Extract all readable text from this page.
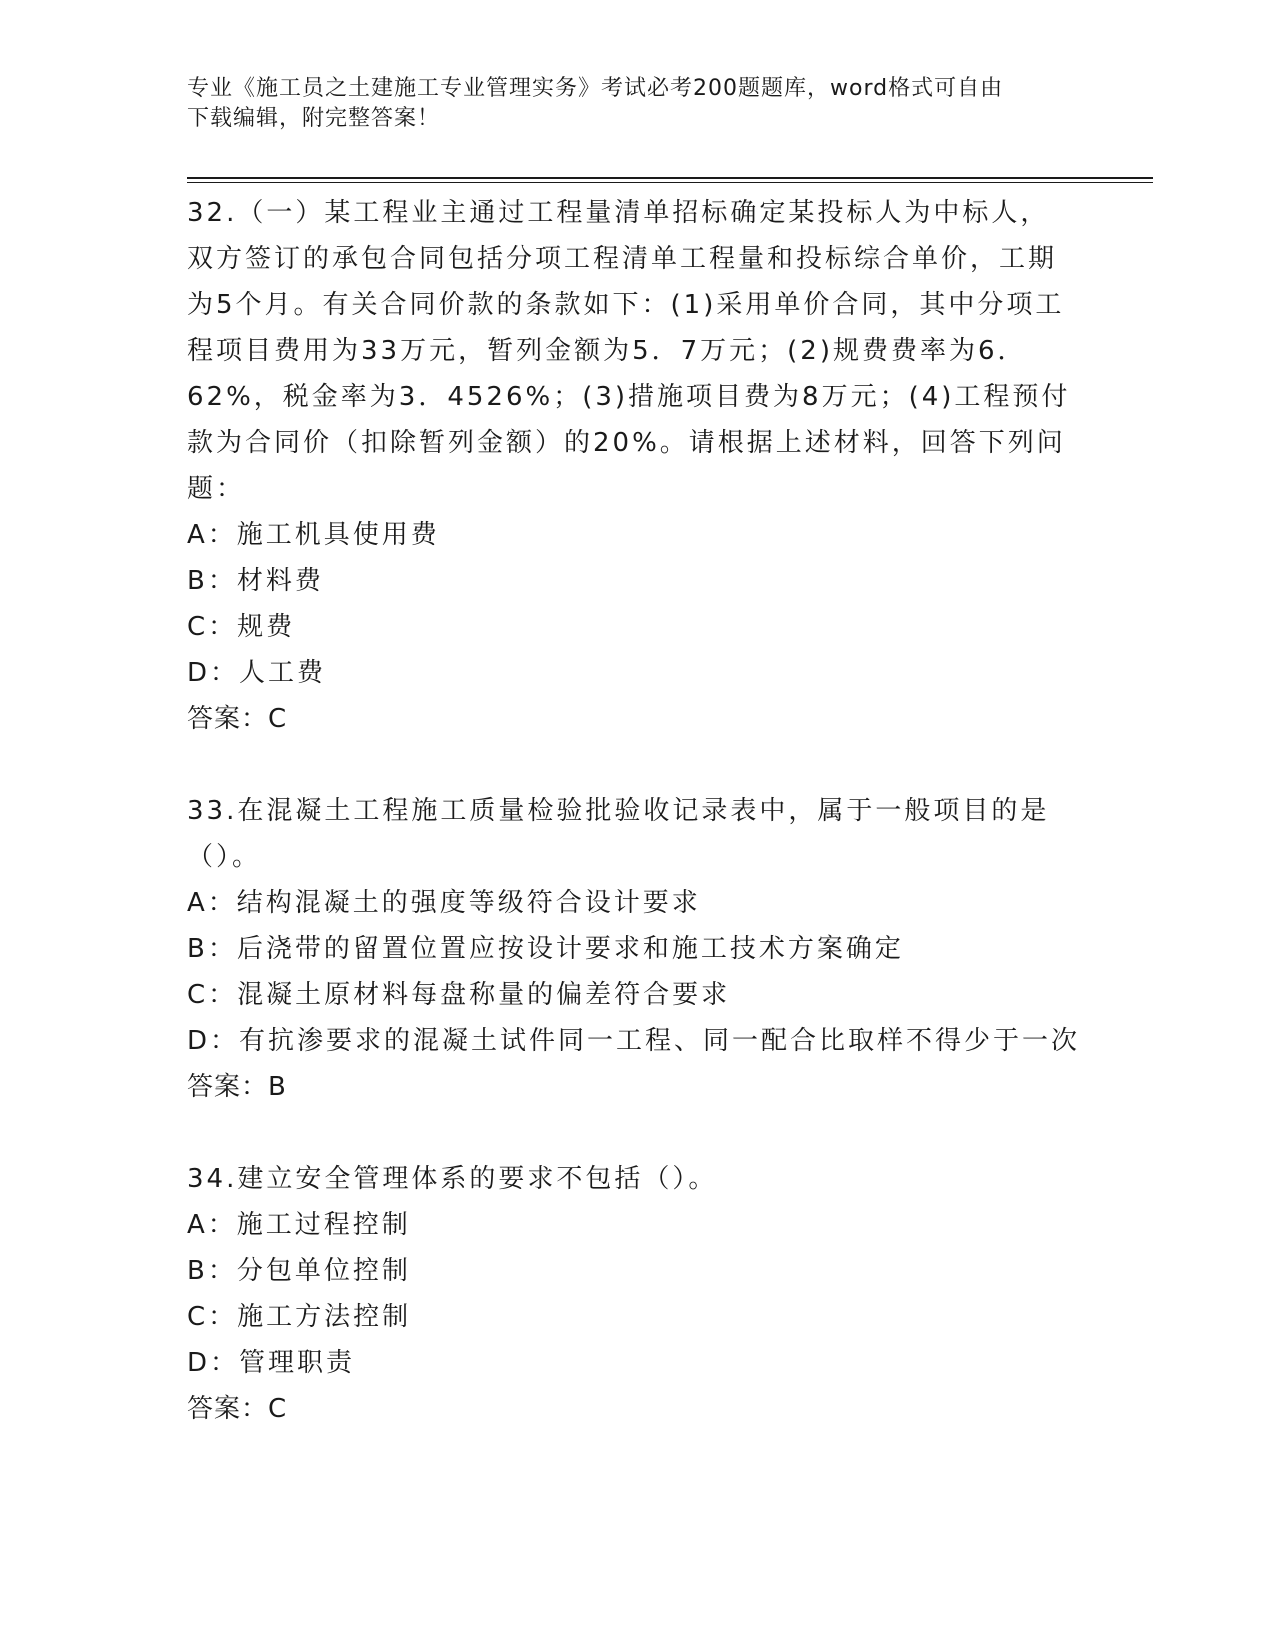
专业《施工员之土建施工专业管理实务》考试必考200题题库，word格式可自由
下载编辑，附完整答案！
32.（一）某工程业主通过工程量清单招标确定某投标人为中标人，双方签订的承包合同包括分项工程清单工程量和投标综合单价，工期为5个月。有关合同价款的条款如下：(1)采用单价合同，其中分项工程项目费用为33万元，暂列金额为5．7万元；(2)规费费率为6．62%，税金率为3．4526%；(3)措施项目费为8万元；(4)工程预付款为合同价（扣除暂列金额）的20%。请根据上述材料，回答下列问题：
A：施工机具使用费
B：材料费
C：规费
D：人工费
答案：C
33.在混凝土工程施工质量检验批验收记录表中，属于一般项目的是（）。
A：结构混凝土的强度等级符合设计要求
B：后浇带的留置位置应按设计要求和施工技术方案确定
C：混凝土原材料每盘称量的偏差符合要求
D：有抗渗要求的混凝土试件同一工程、同一配合比取样不得少于一次
答案：B
34.建立安全管理体系的要求不包括（）。
A：施工过程控制
B：分包单位控制
C：施工方法控制
D：管理职责
答案：C
